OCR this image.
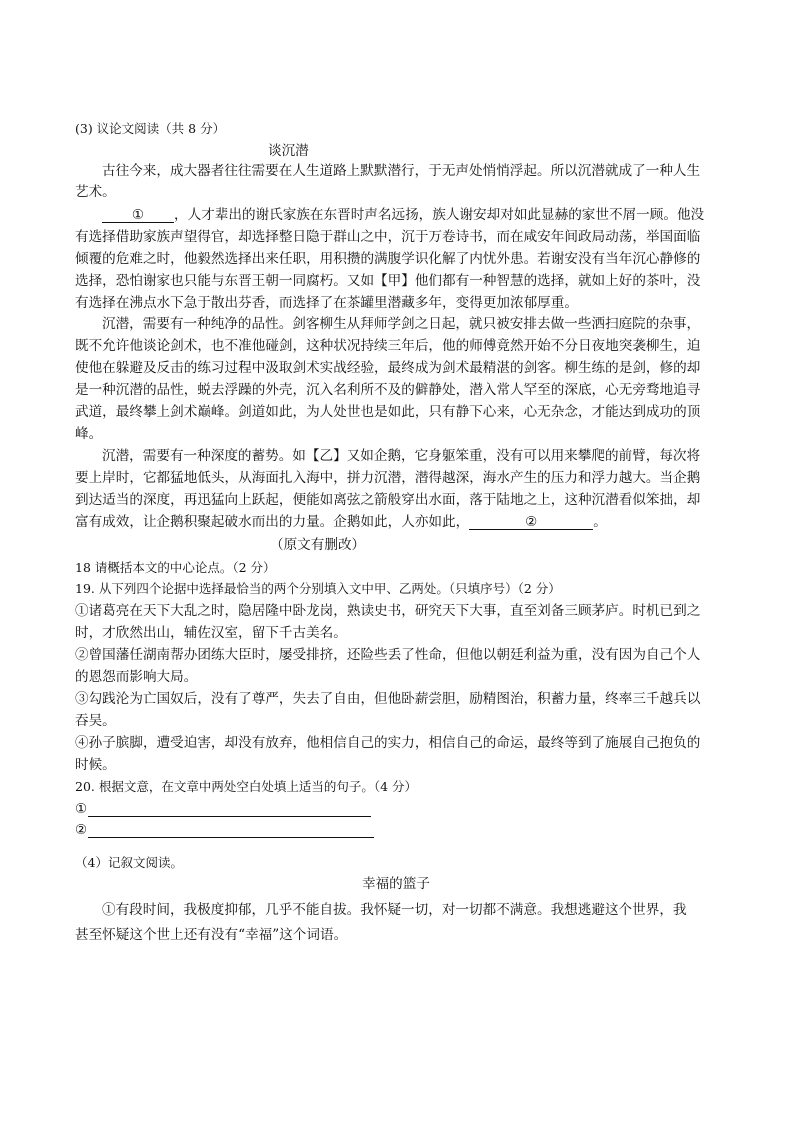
(3) 议论文阅读（共 8 分）
谈沉潜
古往今来，成大器者往往需要在人生道路上默默潜行，于无声处悄悄浮起。所以沉潜就成了一种人生
艺术。
① ，人才辈出的谢氏家族在东晋时声名远扬，族人谢安却对如此显赫的家世不屑一顾。他没
有选择借助家族声望得官，却选择整日隐于群山之中，沉于万卷诗书，而在咸安年间政局动荡，举国面临
倾覆的危难之时，他毅然选择出来任职，用积攒的满腹学识化解了内忧外患。若谢安没有当年沉心静修的
选择，恐怕谢家也只能与东晋王朝一同腐朽。又如【甲】他们都有一种智慧的选择，就如上好的茶叶，没
有选择在沸点水下急于散出芬香，而选择了在茶罐里潜藏多年，变得更加浓郁厚重。
沉潜，需要有一种纯净的品性。剑客柳生从拜师学剑之日起，就只被安排去做一些洒扫庭院的杂事，
既不允许他谈论剑术，也不准他碰剑，这种状况持续三年后，他的师傅竟然开始不分日夜地突袭柳生，迫
使他在躲避及反击的练习过程中汲取剑术实战经验，最终成为剑术最精湛的剑客。柳生练的是剑，修的却
是一种沉潜的品性，蜕去浮躁的外壳，沉入名利所不及的僻静处，潜入常人罕至的深底，心无旁骛地追寻
武道，最终攀上剑术巅峰。剑道如此，为人处世也是如此，只有静下心来，心无杂念，才能达到成功的顶
峰。
沉潜，需要有一种深度的蓄势。如【乙】又如企鹅，它身躯笨重，没有可以用来攀爬的前臂，每次将
要上岸时，它都猛地低头，从海面扎入海中，拼力沉潜，潜得越深，海水产生的压力和浮力越大。当企鹅
到达适当的深度，再迅猛向上跃起，便能如离弦之箭般穿出水面，落于陆地之上，这种沉潜看似笨拙，却
富有成效，让企鹅积聚起破水而出的力量。企鹅如此，人亦如此，	②	。
（原文有删改）
18 请概括本文的中心论点。（2 分）
19. 从下列四个论据中选择最恰当的两个分别填入文中甲、乙两处。（只填序号）（2 分）
①诸葛亮在天下大乱之时，隐居隆中卧龙岗，熟读史书，研究天下大事，直至刘备三顾茅庐。时机已到之
时，才欣然出山，辅佐汉室，留下千古美名。
②曾国藩任湖南帮办团练大臣时，屡受排挤，还险些丢了性命，但他以朝廷利益为重，没有因为自己个人
的恩怨而影响大局。
③勾践沦为亡国奴后，没有了尊严，失去了自由，但他卧薪尝胆，励精图治，积蓄力量，终率三千越兵以
吞吴。
④孙子膑脚，遭受迫害，却没有放弃，他相信自己的实力，相信自己的命运，最终等到了施展自己抱负的
时候。
20. 根据文意，在文章中两处空白处填上适当的句子。（4 分）
①
②
（4）记叙文阅读。
幸福的篮子
①有段时间，我极度抑郁，几乎不能自拔。我怀疑一切，对一切都不满意。我想逃避这个世界，我
甚至怀疑这个世上还有没有“幸福”这个词语。
